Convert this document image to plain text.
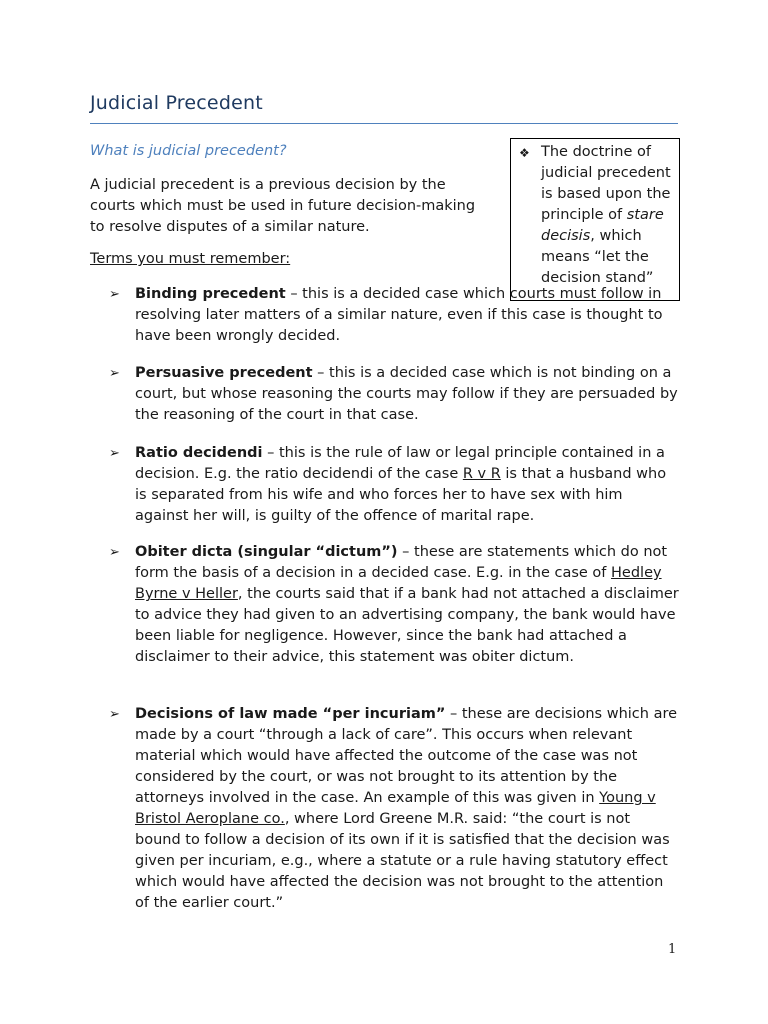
Judicial Precedent
What is judicial precedent?
A judicial precedent is a previous decision by the courts which must be used in future decision-making to resolve disputes of a similar nature.
Terms you must remember:
❖ The doctrine of judicial precedent is based upon the principle of stare decisis, which means “let the decision stand”
➢ Binding precedent – this is a decided case which courts must follow in resolving later matters of a similar nature, even if this case is thought to have been wrongly decided.
➢ Persuasive precedent – this is a decided case which is not binding on a court, but whose reasoning the courts may follow if they are persuaded by the reasoning of the court in that case.
➢ Ratio decidendi – this is the rule of law or legal principle contained in a decision. E.g. the ratio decidendi of the case R v R is that a husband who is separated from his wife and who forces her to have sex with him against her will, is guilty of the offence of marital rape.
➢ Obiter dicta (singular “dictum”) – these are statements which do not form the basis of a decision in a decided case. E.g. in the case of Hedley Byrne v Heller, the courts said that if a bank had not attached a disclaimer to advice they had given to an advertising company, the bank would have been liable for negligence. However, since the bank had attached a disclaimer to their advice, this statement was obiter dictum.
➢ Decisions of law made “per incuriam” – these are decisions which are made by a court “through a lack of care”. This occurs when relevant material which would have affected the outcome of the case was not considered by the court, or was not brought to its attention by the attorneys involved in the case. An example of this was given in Young v Bristol Aeroplane co., where Lord Greene M.R. said: “the court is not bound to follow a decision of its own if it is satisfied that the decision was given per incuriam, e.g., where a statute or a rule having statutory effect which would have affected the decision was not brought to the attention of the earlier court.”
1
